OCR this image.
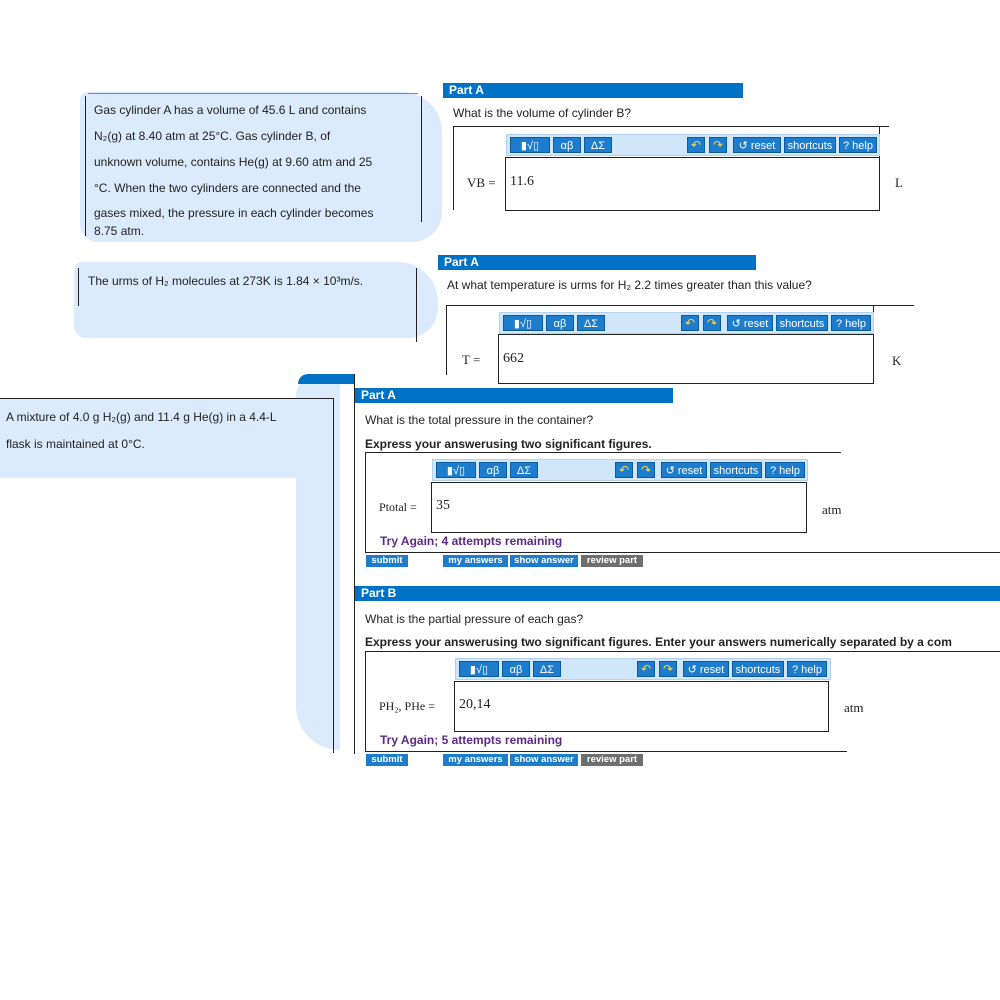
Gas cylinder A has a volume of 45.6 L and contains
N₂(g) at 8.40 atm at 25°C. Gas cylinder B, of
unknown volume, contains He(g) at 9.60 atm and 25
°C. When the two cylinders are connected and the
gases mixed, the pressure in each cylinder becomes
8.75 atm.
Part A
What is the volume of cylinder B?
▮√▯	αβ	ΔΣ	↶ ↷	↺ reset	shortcuts ? help
VB = 11.6	L
The urms of H₂ molecules at 273K is 1.84 × 10³m/s.
Part A
At what temperature is urms for H₂ 2.2 times greater than this value?
▮√▯	αβ	ΔΣ	↶ ↷	↺ reset	shortcuts	? help
T = 662	K
A mixture of 4.0 g H₂(g) and 11.4 g He(g) in a 4.4-L
flask is maintained at 0°C.
Part A
What is the total pressure in the container?
Express your answerusing two significant figures.
▮√▯	αβ	ΔΣ	↶ ↷	↺ reset	shortcuts	? help
Ptotal = 35	atm
Try Again; 4 attempts remaining
submit	my answers	show answer	review part
Part B
What is the partial pressure of each gas?
Express your answerusing two significant figures. Enter your answers numerically separated by a com
▮√▯	αβ	ΔΣ	↶ ↷	↺ reset	shortcuts	? help
PH₂, PHe = 20,14	atm
Try Again; 5 attempts remaining
submit	my answers	show answer	review part
